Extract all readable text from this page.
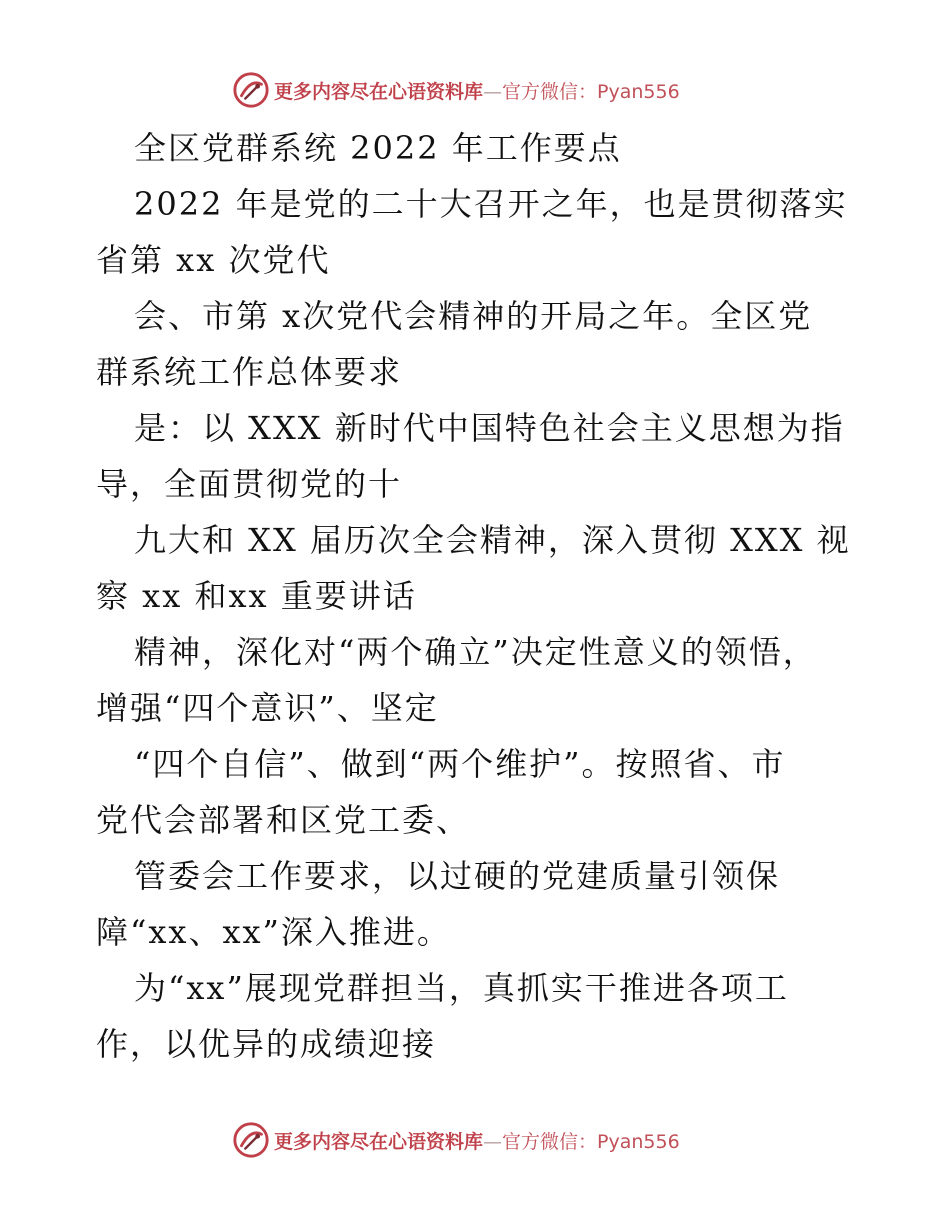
更多内容尽在心语资料库—官方微信：Pyan556
全区党群系统 2022 年工作要点
2022 年是党的二十大召开之年，也是贯彻落实
省第 xx 次党代
会、市第 x次党代会精神的开局之年。全区党
群系统工作总体要求
是：以 XXX 新时代中国特色社会主义思想为指
导，全面贯彻党的十
九大和 XX 届历次全会精神，深入贯彻 XXX 视
察 xx 和xx 重要讲话
精神，深化对“两个确立”决定性意义的领悟，
增强“四个意识”、坚定
“四个自信”、做到“两个维护”。按照省、市
党代会部署和区党工委、
管委会工作要求，以过硬的党建质量引领保
障“xx、xx”深入推进。
为“xx”展现党群担当，真抓实干推进各项工
作，以优异的成绩迎接
更多内容尽在心语资料库—官方微信：Pyan556
